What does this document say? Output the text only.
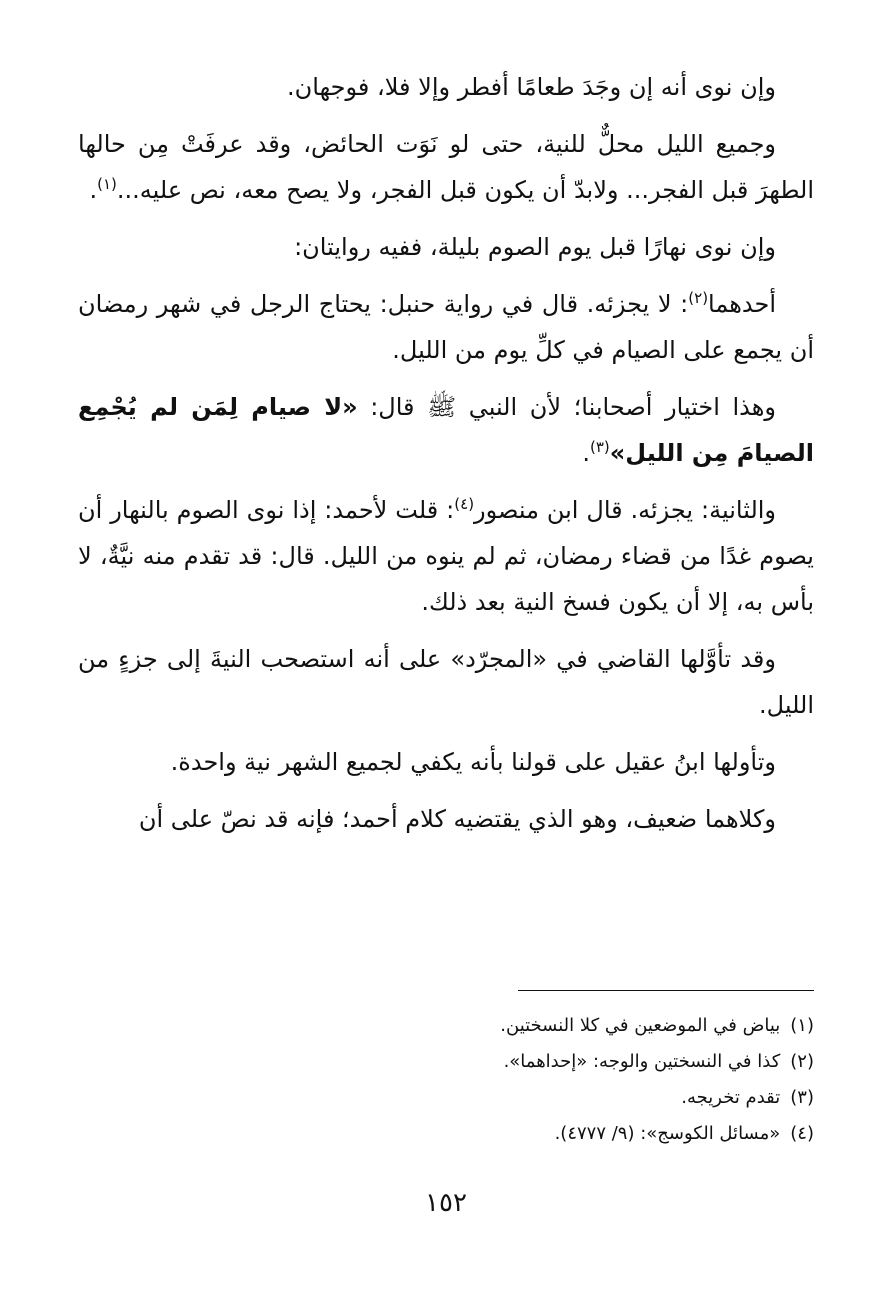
وإن نوى أنه إن وجَدَ طعامًا أفطر وإلا فلا، فوجهان.

وجميع الليل محلٌّ للنية، حتى لو نَوَت الحائض، وقد عرفَتْ مِن حالها الطهرَ قبل الفجر... ولابدّ أن يكون قبل الفجر، ولا يصح معه، نص عليه...$^{(١)}$.

وإن نوى نهارًا قبل يوم الصوم بليلة، ففيه روايتان:

أحدهما$^{(٢)}$: لا يجزئه. قال في رواية حنبل: يحتاج الرجل في شهر رمضان أن يجمع على الصيام في كلِّ يوم من الليل.

وهذا اختيار أصحابنا؛ لأن النبي ﷺ قال: «لا صيام لِمَن لم يُجْمِع الصيامَ مِن الليل»$^{(٣)}$.

والثانية: يجزئه. قال ابن منصور$^{(٤)}$: قلت لأحمد: إذا نوى الصوم بالنهار أن يصوم غدًا من قضاء رمضان، ثم لم ينوه من الليل. قال: قد تقدم منه نيَّةٌ، لا بأس به، إلا أن يكون فسخ النية بعد ذلك.

وقد تأوَّلها القاضي في «المجرّد» على أنه استصحب النيةَ إلى جزءٍ من الليل.

وتأولها ابنُ عقيل على قولنا بأنه يكفي لجميع الشهر نية واحدة.

وكلاهما ضعيف، وهو الذي يقتضيه كلام أحمد؛ فإنه قد نصّ على أن

(١)بياض في الموضعين في كلا النسختين.

(٢)كذا في النسختين والوجه: «إحداهما».

(٣)تقدم تخريجه.

(٤)«مسائل الكوسج»: (٩/ ٤٧٧٧).

١٥٢
